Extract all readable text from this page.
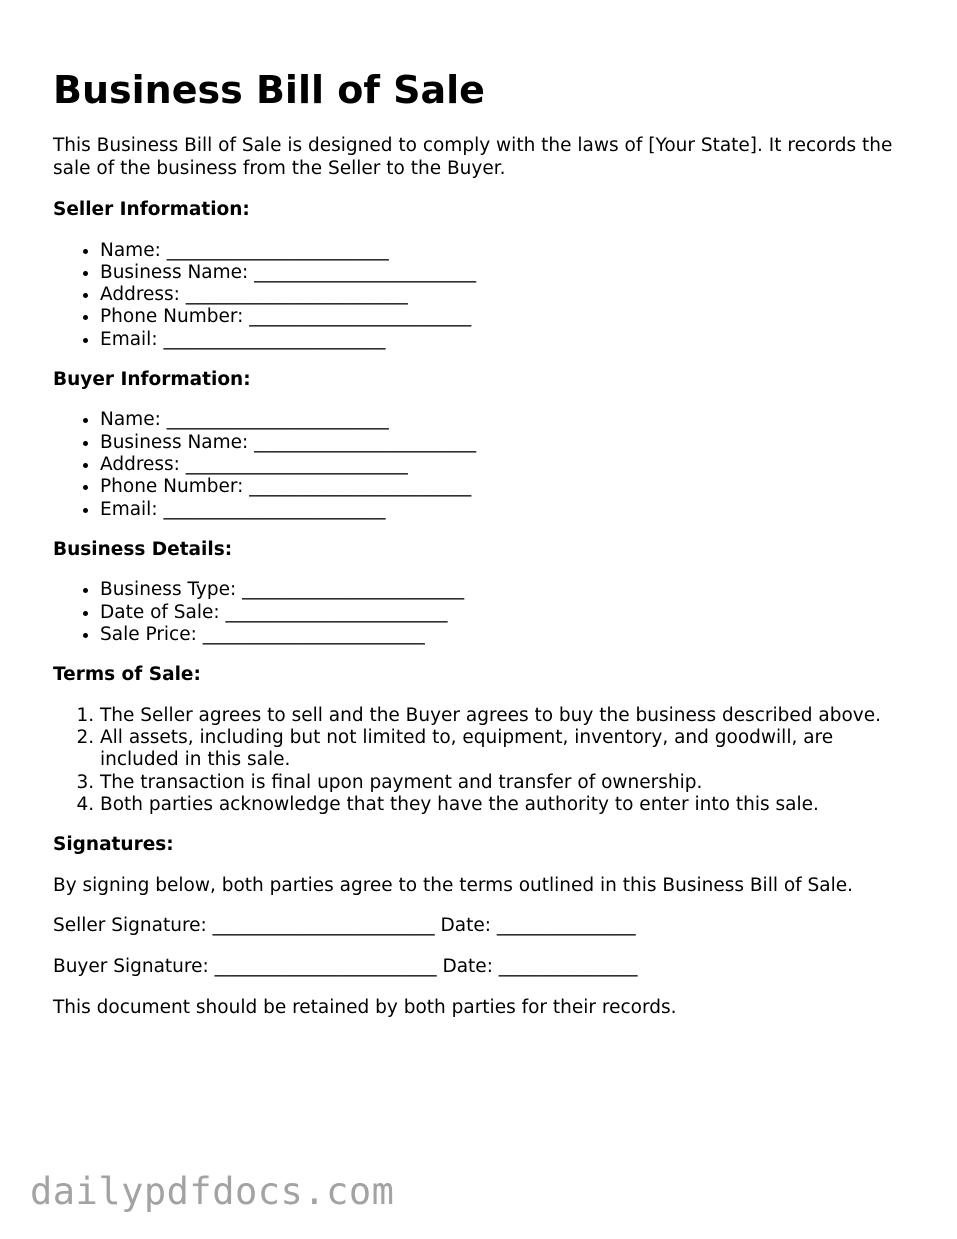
Business Bill of Sale

This Business Bill of Sale is designed to comply with the laws of [Your State]. It records the sale of the business from the Seller to the Buyer.

Seller Information:
• Name: ________________________
• Business Name: ________________________
• Address: ________________________
• Phone Number: ________________________
• Email: ________________________
Buyer Information:
• Name: ________________________
• Business Name: ________________________
• Address: ________________________
• Phone Number: ________________________
• Email: ________________________
Business Details:
• Business Type: ________________________
• Date of Sale: ________________________
• Sale Price: ________________________
Terms of Sale:
1. The Seller agrees to sell and the Buyer agrees to buy the business described above.
2. All assets, including but not limited to, equipment, inventory, and goodwill, are included in this sale.
3. The transaction is final upon payment and transfer of ownership.
4. Both parties acknowledge that they have the authority to enter into this sale.
Signatures:

By signing below, both parties agree to the terms outlined in this Business Bill of Sale.

Seller Signature: ________________________ Date: _______________

Buyer Signature: ________________________ Date: _______________

This document should be retained by both parties for their records.

dailypdfdocs.com
